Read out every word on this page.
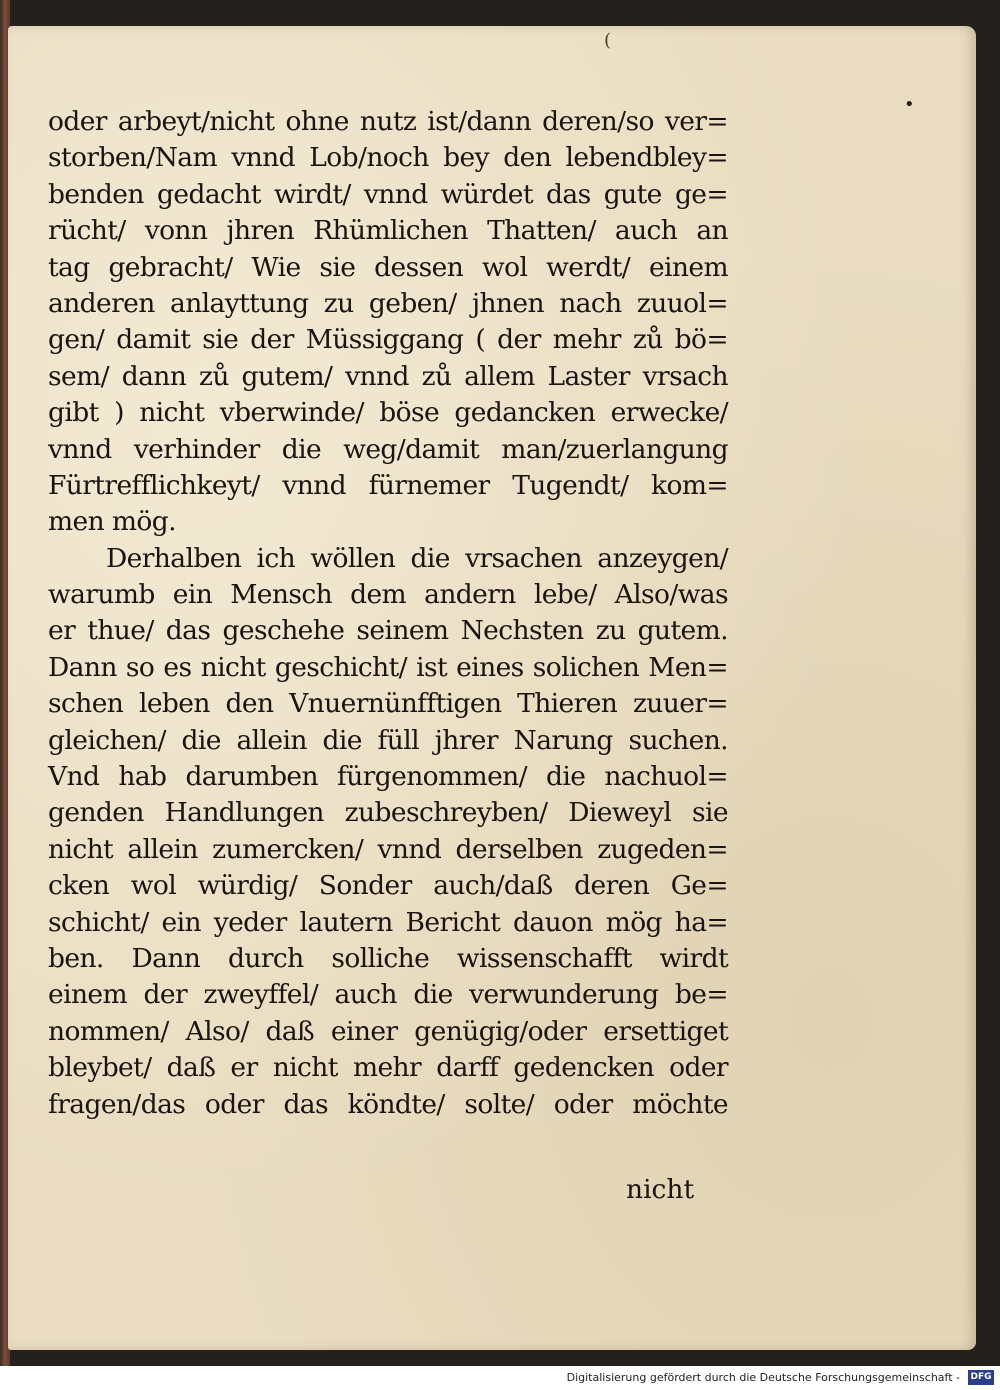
(
•
oder arbeyt/nicht ohne nutz ist/dann deren/so ver=
storben/Nam vnnd Lob/noch bey den lebendbley=
benden gedacht wirdt/ vnnd würdet das gute ge=
rücht/ vonn jhren Rhümlichen Thatten/ auch an
tag gebracht/ Wie sie dessen wol werdt/ einem
anderen anlayttung zu geben/ jhnen nach zuuol=
gen/ damit sie der Müssiggang ( der mehr zů bö=
sem/ dann zů gutem/ vnnd zů allem Laster vrsach
gibt ) nicht vberwinde/ böse gedancken erwecke/
vnnd verhinder die weg/damit man/zuerlangung
Fürtrefflichkeyt/ vnnd fürnemer Tugendt/ kom=
men mög.
Derhalben ich wöllen die vrsachen anzeygen/
warumb ein Mensch dem andern lebe/ Also/was
er thue/ das geschehe seinem Nechsten zu gutem.
Dann so es nicht geschicht/ ist eines solichen Men=
schen leben den Vnuernünfftigen Thieren zuuer=
gleichen/ die allein die füll jhrer Narung suchen.
Vnd hab darumben fürgenommen/ die nachuol=
genden Handlungen zubeschreyben/ Dieweyl sie
nicht allein zumercken/ vnnd derselben zugeden=
cken wol würdig/ Sonder auch/daß deren Ge=
schicht/ ein yeder lautern Bericht dauon mög ha=
ben. Dann durch solliche wissenschafft wirdt
einem der zweyffel/ auch die verwunderung be=
nommen/ Also/ daß einer genügig/oder ersettiget
bleybet/ daß er nicht mehr darff gedencken oder
fragen/das oder das köndte/ solte/ oder möchte
nicht
Digitalisierung gefördert durch die Deutsche Forschungsgemeinschaft - DFG
